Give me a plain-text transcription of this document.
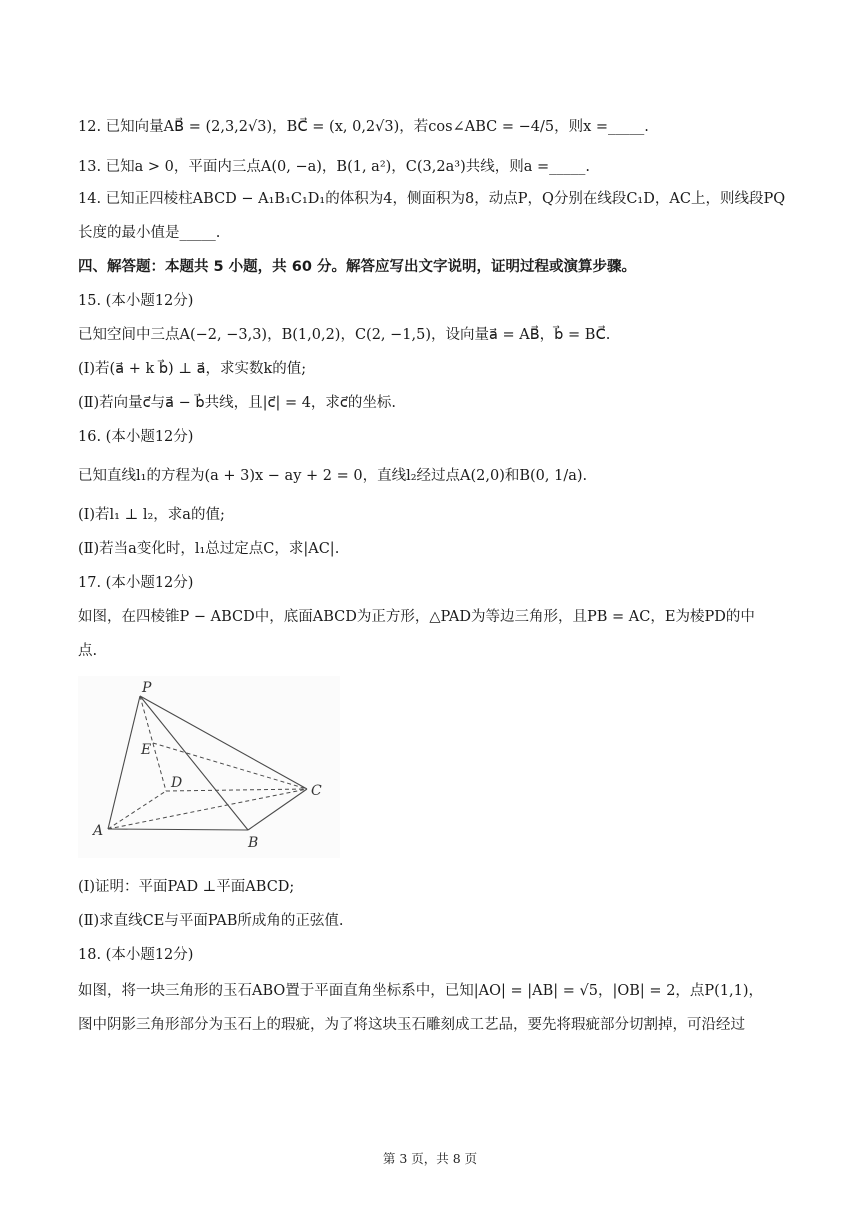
12. 已知向量AB⃗ = (2,3,2√3)，BC⃗ = (x, 0,2√3)，若cos∠ABC = −4/5，则x =_____.
13. 已知a > 0，平面内三点A(0, −a)，B(1, a²)，C(3,2a³)共线，则a =_____.
14. 已知正四棱柱ABCD − A₁B₁C₁D₁的体积为4，侧面积为8，动点P，Q分别在线段C₁D，AC上，则线段PQ
长度的最小值是_____.
四、解答题：本题共 5 小题，共 60 分。解答应写出文字说明，证明过程或演算步骤。
15. (本小题12分)
已知空间中三点A(−2, −3,3)，B(1,0,2)，C(2, −1,5)，设向量a⃗ = AB⃗，b⃗ = BC⃗.
(Ⅰ)若(a⃗ + k b⃗) ⊥ a⃗，求实数k的值;
(Ⅱ)若向量c⃗与a⃗ − b⃗共线，且|c⃗| = 4，求c⃗的坐标.
16. (本小题12分)
已知直线l₁的方程为(a + 3)x − ay + 2 = 0，直线l₂经过点A(2,0)和B(0, 1/a).
(Ⅰ)若l₁ ⊥ l₂，求a的值;
(Ⅱ)若当a变化时，l₁总过定点C，求|AC|.
17. (本小题12分)
如图，在四棱锥P − ABCD中，底面ABCD为正方形，△PAD为等边三角形，且PB = AC，E为棱PD的中
点.
P
E
D	C
A
B
(Ⅰ)证明：平面PAD ⊥平面ABCD;
(Ⅱ)求直线CE与平面PAB所成角的正弦值.
18. (本小题12分)
如图，将一块三角形的玉石ABO置于平面直角坐标系中，已知|AO| = |AB| = √5，|OB| = 2，点P(1,1)，
图中阴影三角形部分为玉石上的瑕疵，为了将这块玉石雕刻成工艺品，要先将瑕疵部分切割掉，可沿经过
第 3 页，共 8 页
